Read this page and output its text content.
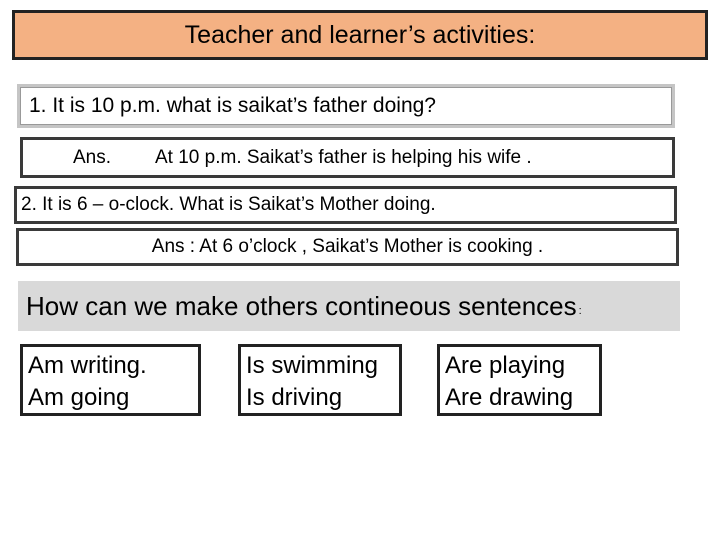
Teacher and learner’s activities:
1. It is 10 p.m. what is saikat’s father doing?
Ans.	At 10 p.m. Saikat’s father is helping his wife .
2. It is 6 – o-clock. What is Saikat’s Mother doing.
Ans : At 6 o’clock , Saikat’s Mother is cooking .
How can we make others contineous sentences :
Am writing.
Am going
Is swimming
Is driving
Are playing
Are drawing
